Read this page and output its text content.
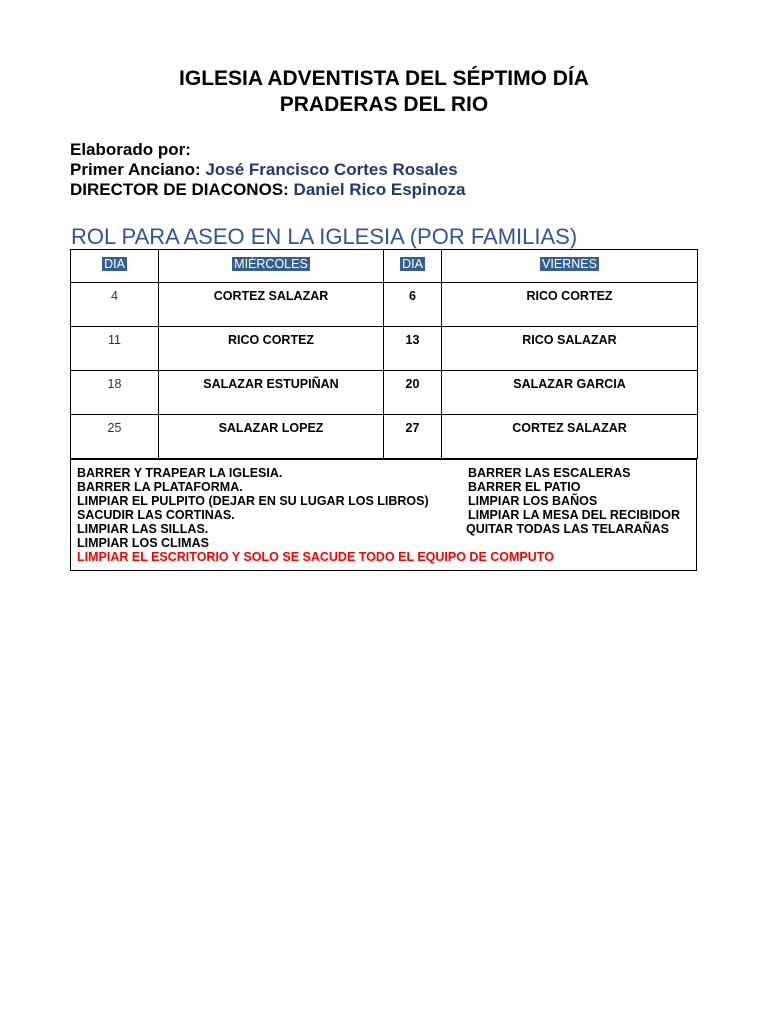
IGLESIA ADVENTISTA DEL SÉPTIMO DÍA
PRADERAS DEL RIO
Elaborado por:
Primer Anciano: José Francisco Cortes Rosales
DIRECTOR DE DIACONOS: Daniel Rico Espinoza
ROL PARA ASEO EN LA IGLESIA (POR FAMILIAS)
DIA	MIÉRCOLES	DIA	VIERNES

4	CORTEZ SALAZAR	6	RICO CORTEZ

11	RICO CORTEZ	13	RICO SALAZAR

18	SALAZAR ESTUPIÑAN	20	SALAZAR GARCIA

25	SALAZAR LOPEZ	27	CORTEZ SALAZAR
BARRER Y TRAPEAR LA IGLESIA.
BARRER LA PLATAFORMA.
LIMPIAR EL PULPITO (DEJAR EN SU LUGAR LOS LIBROS)
SACUDIR LAS CORTINAS.
LIMPIAR LAS SILLAS.
LIMPIAR LOS CLIMAS
BARRER LAS ESCALERAS
BARRER EL PATIO
LIMPIAR LOS BAÑOS
LIMPIAR LA MESA DEL RECIBIDOR
QUITAR TODAS LAS TELARAÑAS
LIMPIAR EL ESCRITORIO Y SOLO SE SACUDE TODO EL EQUIPO DE COMPUTO
